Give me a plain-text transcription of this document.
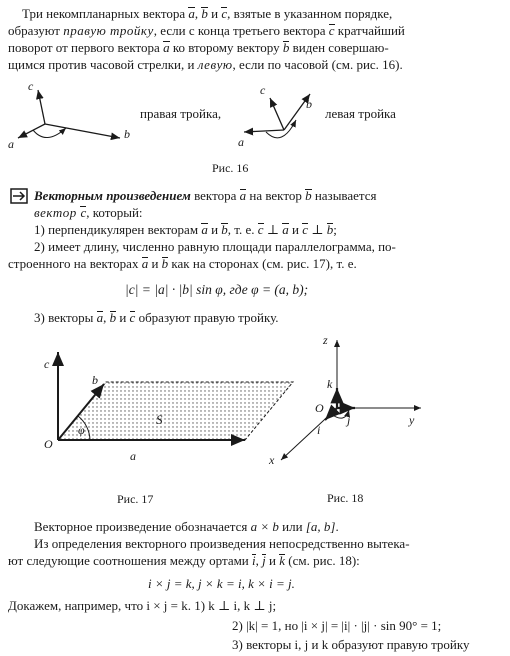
Три некомпланарных вектора a, b и c, взятые в указанном порядке,
образуют правую тройку, если с конца третьего вектора c кратчайший
поворот от первого вектора a ко второму вектору b виден совершаю-
щимся против часовой стрелки, и левую, если по часовой (см. рис. 16).
c
a
b
правая тройка,
c
b
a
левая тройка
Рис. 16
Векторным произведением вектора a на вектор b называется
вектор c, который:
1) перпендикулярен векторам a и b, т. е. c ⊥ a и c ⊥ b;
2) имеет длину, численно равную площади параллелограмма, по-
строенного на векторах a и b как на сторонах (см. рис. 17), т. е.
|c| = |a| · |b| sin φ, где φ = (a, b);
3) векторы a, b и c образуют правую тройку.
c
b
O
φ
S
a
Рис. 17
z
k
O
j
i
y
x
Рис. 18
Векторное произведение обозначается a × b или [a, b].
Из определения векторного произведения непосредственно вытека-
ют следующие соотношения между ортами i, j и k (см. рис. 18):
i × j = k, j × k = i, k × i = j.
Докажем, например, что i × j = k. 1) k ⊥ i, k ⊥ j;
2) |k| = 1, но |i × j| = |i| · |j| · sin 90° = 1;
3) векторы i, j и k образуют правую тройку
